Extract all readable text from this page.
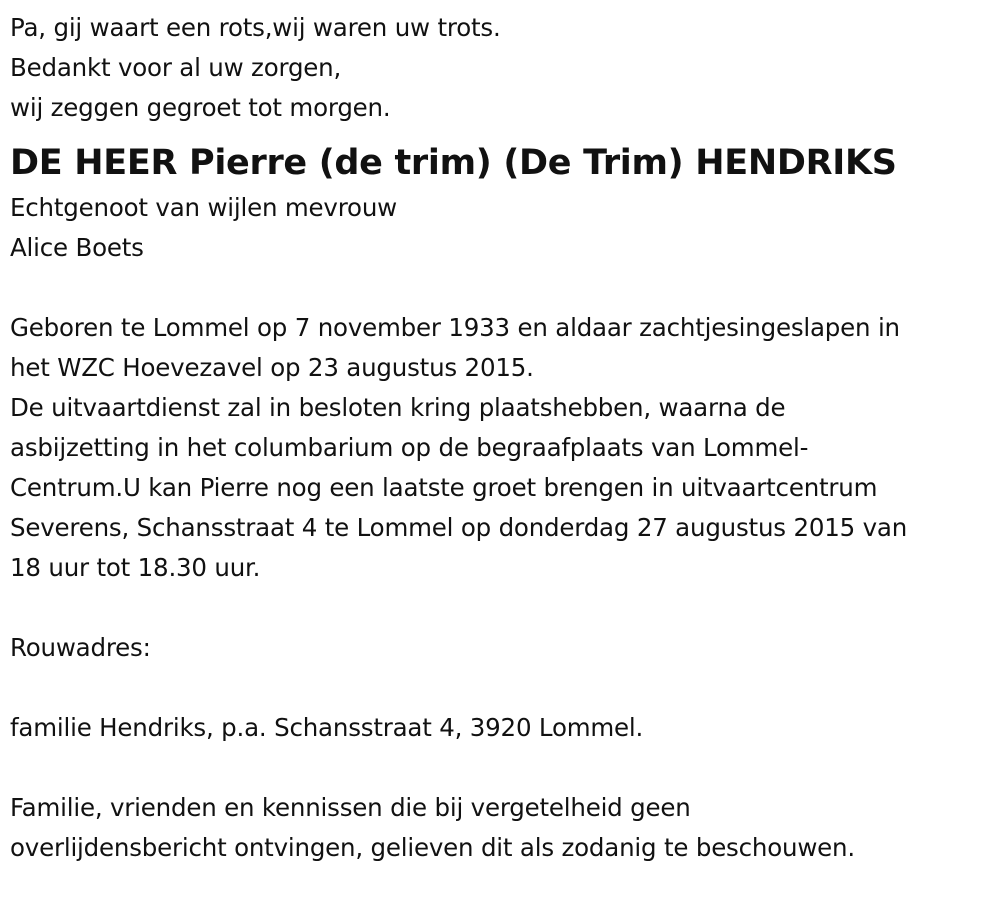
Pa, gij waart een rots,wij waren uw trots.
Bedankt voor al uw zorgen,
wij zeggen gegroet tot morgen.
DE HEER Pierre (de trim) (De Trim) HENDRIKS
Echtgenoot van wijlen mevrouw
Alice Boets
Geboren te Lommel op 7 november 1933 en aldaar zachtjesingeslapen in
het WZC Hoevezavel op 23 augustus 2015.
De uitvaartdienst zal in besloten kring plaatshebben, waarna de
asbijzetting in het columbarium op de begraafplaats van Lommel-
Centrum.U kan Pierre nog een laatste groet brengen in uitvaartcentrum
Severens, Schansstraat 4 te Lommel op donderdag 27 augustus 2015 van
18 uur tot 18.30 uur.
Rouwadres:
familie Hendriks, p.a. Schansstraat 4, 3920 Lommel.
Familie, vrienden en kennissen die bij vergetelheid geen
overlijdensbericht ontvingen, gelieven dit als zodanig te beschouwen.
